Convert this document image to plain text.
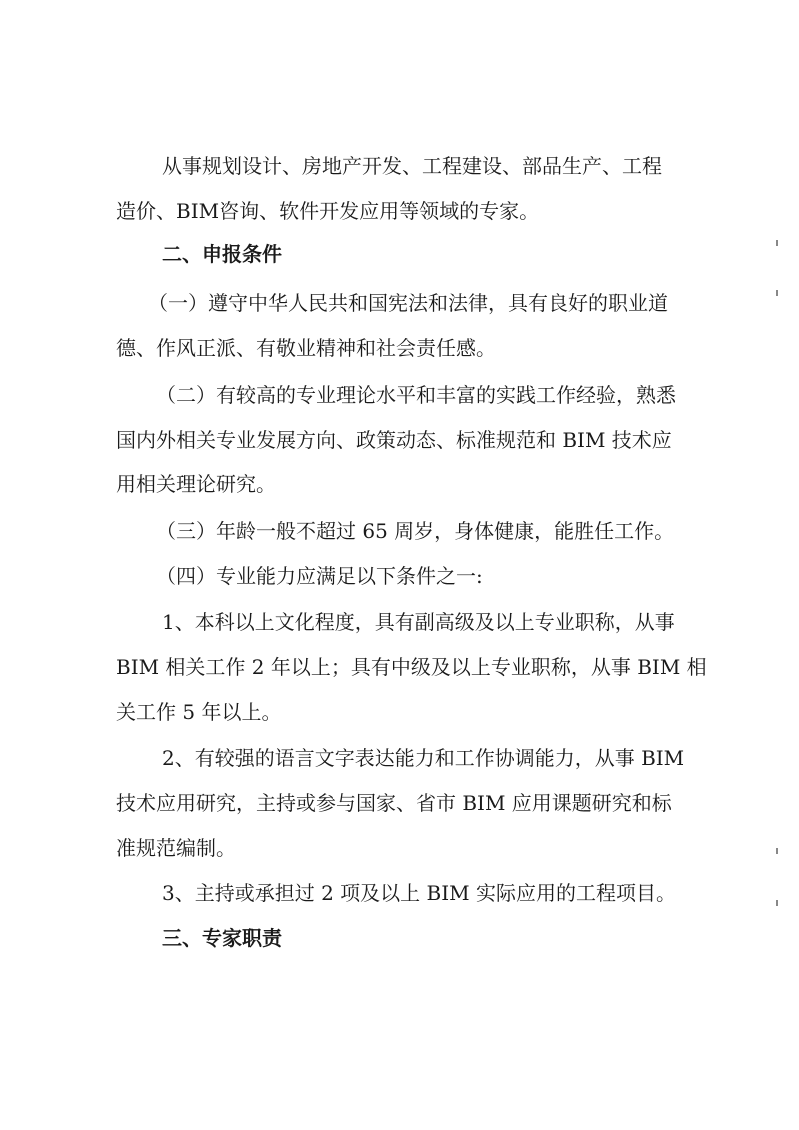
从事规划设计、房地产开发、工程建设、部品生产、工程
造价、BIM咨询、软件开发应用等领域的专家。
二、申报条件
（一）遵守中华人民共和国宪法和法律，具有良好的职业道
德、作风正派、有敬业精神和社会责任感。
（二）有较高的专业理论水平和丰富的实践工作经验，熟悉
国内外相关专业发展方向、政策动态、标准规范和 BIM 技术应
用相关理论研究。
（三）年龄一般不超过 65 周岁，身体健康，能胜任工作。
（四）专业能力应满足以下条件之一:
1、本科以上文化程度，具有副高级及以上专业职称，从事
BIM 相关工作 2 年以上；具有中级及以上专业职称，从事 BIM 相
关工作 5 年以上。
2、有较强的语言文字表达能力和工作协调能力，从事 BIM
技术应用研究，主持或参与国家、省市 BIM 应用课题研究和标
准规范编制。
3、主持或承担过 2 项及以上 BIM 实际应用的工程项目。
三、专家职责
